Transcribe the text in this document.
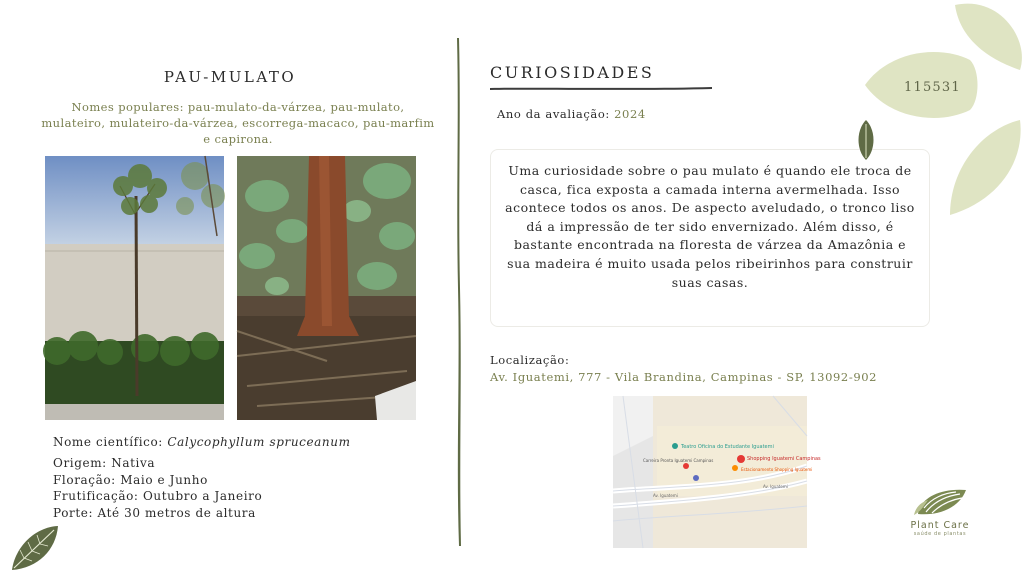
PAU-MULATO
Nomes populares: pau-mulato-da-várzea, pau-mulato, mulateiro, mulateiro-da-várzea, escorrega-macaco, pau-marfim e capirona.
Nome científico: Calycophyllum spruceanum
Origem: Nativa
Floração: Maio e Junho
Frutificação: Outubro a Janeiro
Porte: Até 30 metros de altura
CURIOSIDADES
Ano da avaliação: 2024
Uma curiosidade sobre o pau mulato é quando ele troca de casca, fica exposta a camada interna avermelhada. Isso acontece todos os anos. De aspecto aveludado, o tronco liso dá a impressão de ter sido envernizado. Além disso, é bastante encontrada na floresta de várzea da Amazônia e sua madeira é muito usada pelos ribeirinhos para construir suas casas.
Localização:
Av. Iguatemi, 777 - Vila Brandina, Campinas - SP, 13092-902
Teatro Oficina do Estudante Iguatemi
Shopping Iguatemi Campinas
Carreira Pronta Iguatemi Campinas
Estacionamento Shopping Iguatemi
Av. Iguatemi
Av. Iguatemi
115531
Plant Care
saúde de plantas
